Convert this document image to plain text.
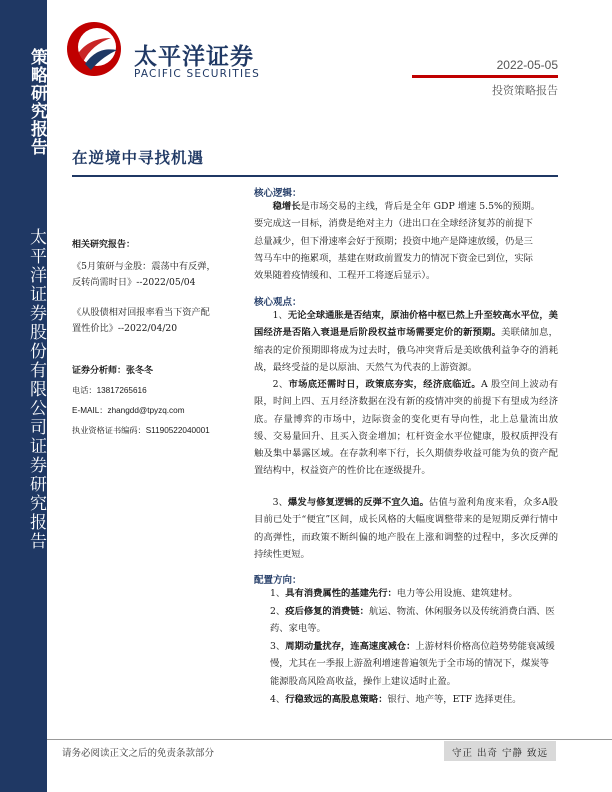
策略研究报告
太平洋证券股份有限公司证券研究报告
太平洋证券
PACIFIC SECURITIES
2022-05-05
投资策略报告
在逆境中寻找机遇
相关研究报告：
《5月策研与金股：震荡中有反弹，
反转尚需时日》--2022/05/04
《从股债相对回报率看当下资产配
置性价比》--2022/04/20
证券分析师：张冬冬
电话：13817265616
E-MAIL：zhangdd@tpyzq.com
执业资格证书编码：S1190522040001
核心逻辑：
稳增长是市场交易的主线，背后是全年 GDP 增速 5.5%的预期。
要完成这一目标，消费是绝对主力（进出口在全球经济复苏的前提下
总量减少，但下滑速率会好于预期；投资中地产是降速放缓，仍是三
驾马车中的拖累项，基建在财政前置发力的情况下资金已到位，实际
效果随着疫情缓和、工程开工将逐后显示）。
核心观点：
1、无论全球通胀是否结束，原油价格中枢已然上升至较高水平位，美国经济是否陷入衰退是后阶段权益市场需要定价的新预期。美联储加息，缩表的定价预期即将成为过去时，俄乌冲突背后是美欧俄利益争夺的消耗战，最终受益的是以原油、天然气为代表的上游资源。
2、市场底还需时日，政策底夯实，经济底临近。A 股空间上波动有限，时间上四、五月经济数据在没有新的疫情冲突的前提下有望成为经济底。存量博弈的市场中，边际资金的变化更有导向性，北上总量流出放缓、交易量回升、且买入资金增加；杠杆资金水平位健康，股权质押没有触及集中暴露区域。在存款利率下行，长久期债券收益可能为负的资产配置结构中，权益资产的性价比在逐级提升。
3、爆发与修复逻辑的反弹不宜久追。估值与盈利角度来看，众多A股目前已处于“便宜”区间，成长风格的大幅度调整带来的是短期反弹行情中的高弹性，而政策不断纠偏的地产股在上涨和调整的过程中，多次反弹的持续性更短。
配置方向：
1、具有消费属性的基建先行：电力等公用设施、建筑建材。
2、疫后修复的消费链：航运、物流、休闲服务以及传统消费白酒、医药、家电等。
3、周期动量扰存，连高速度减仓：上游材料价格高位趋势势能衰减缓慢，尤其在一季报上游盈利增速普遍领先于全市场的情况下，煤炭等能源股高风险高收益，操作上建议适时止盈。
4、行稳致远的高股息策略：银行、地产等，ETF 选择更佳。
请务必阅读正文之后的免责条款部分	守正 出奇 宁静 致远
